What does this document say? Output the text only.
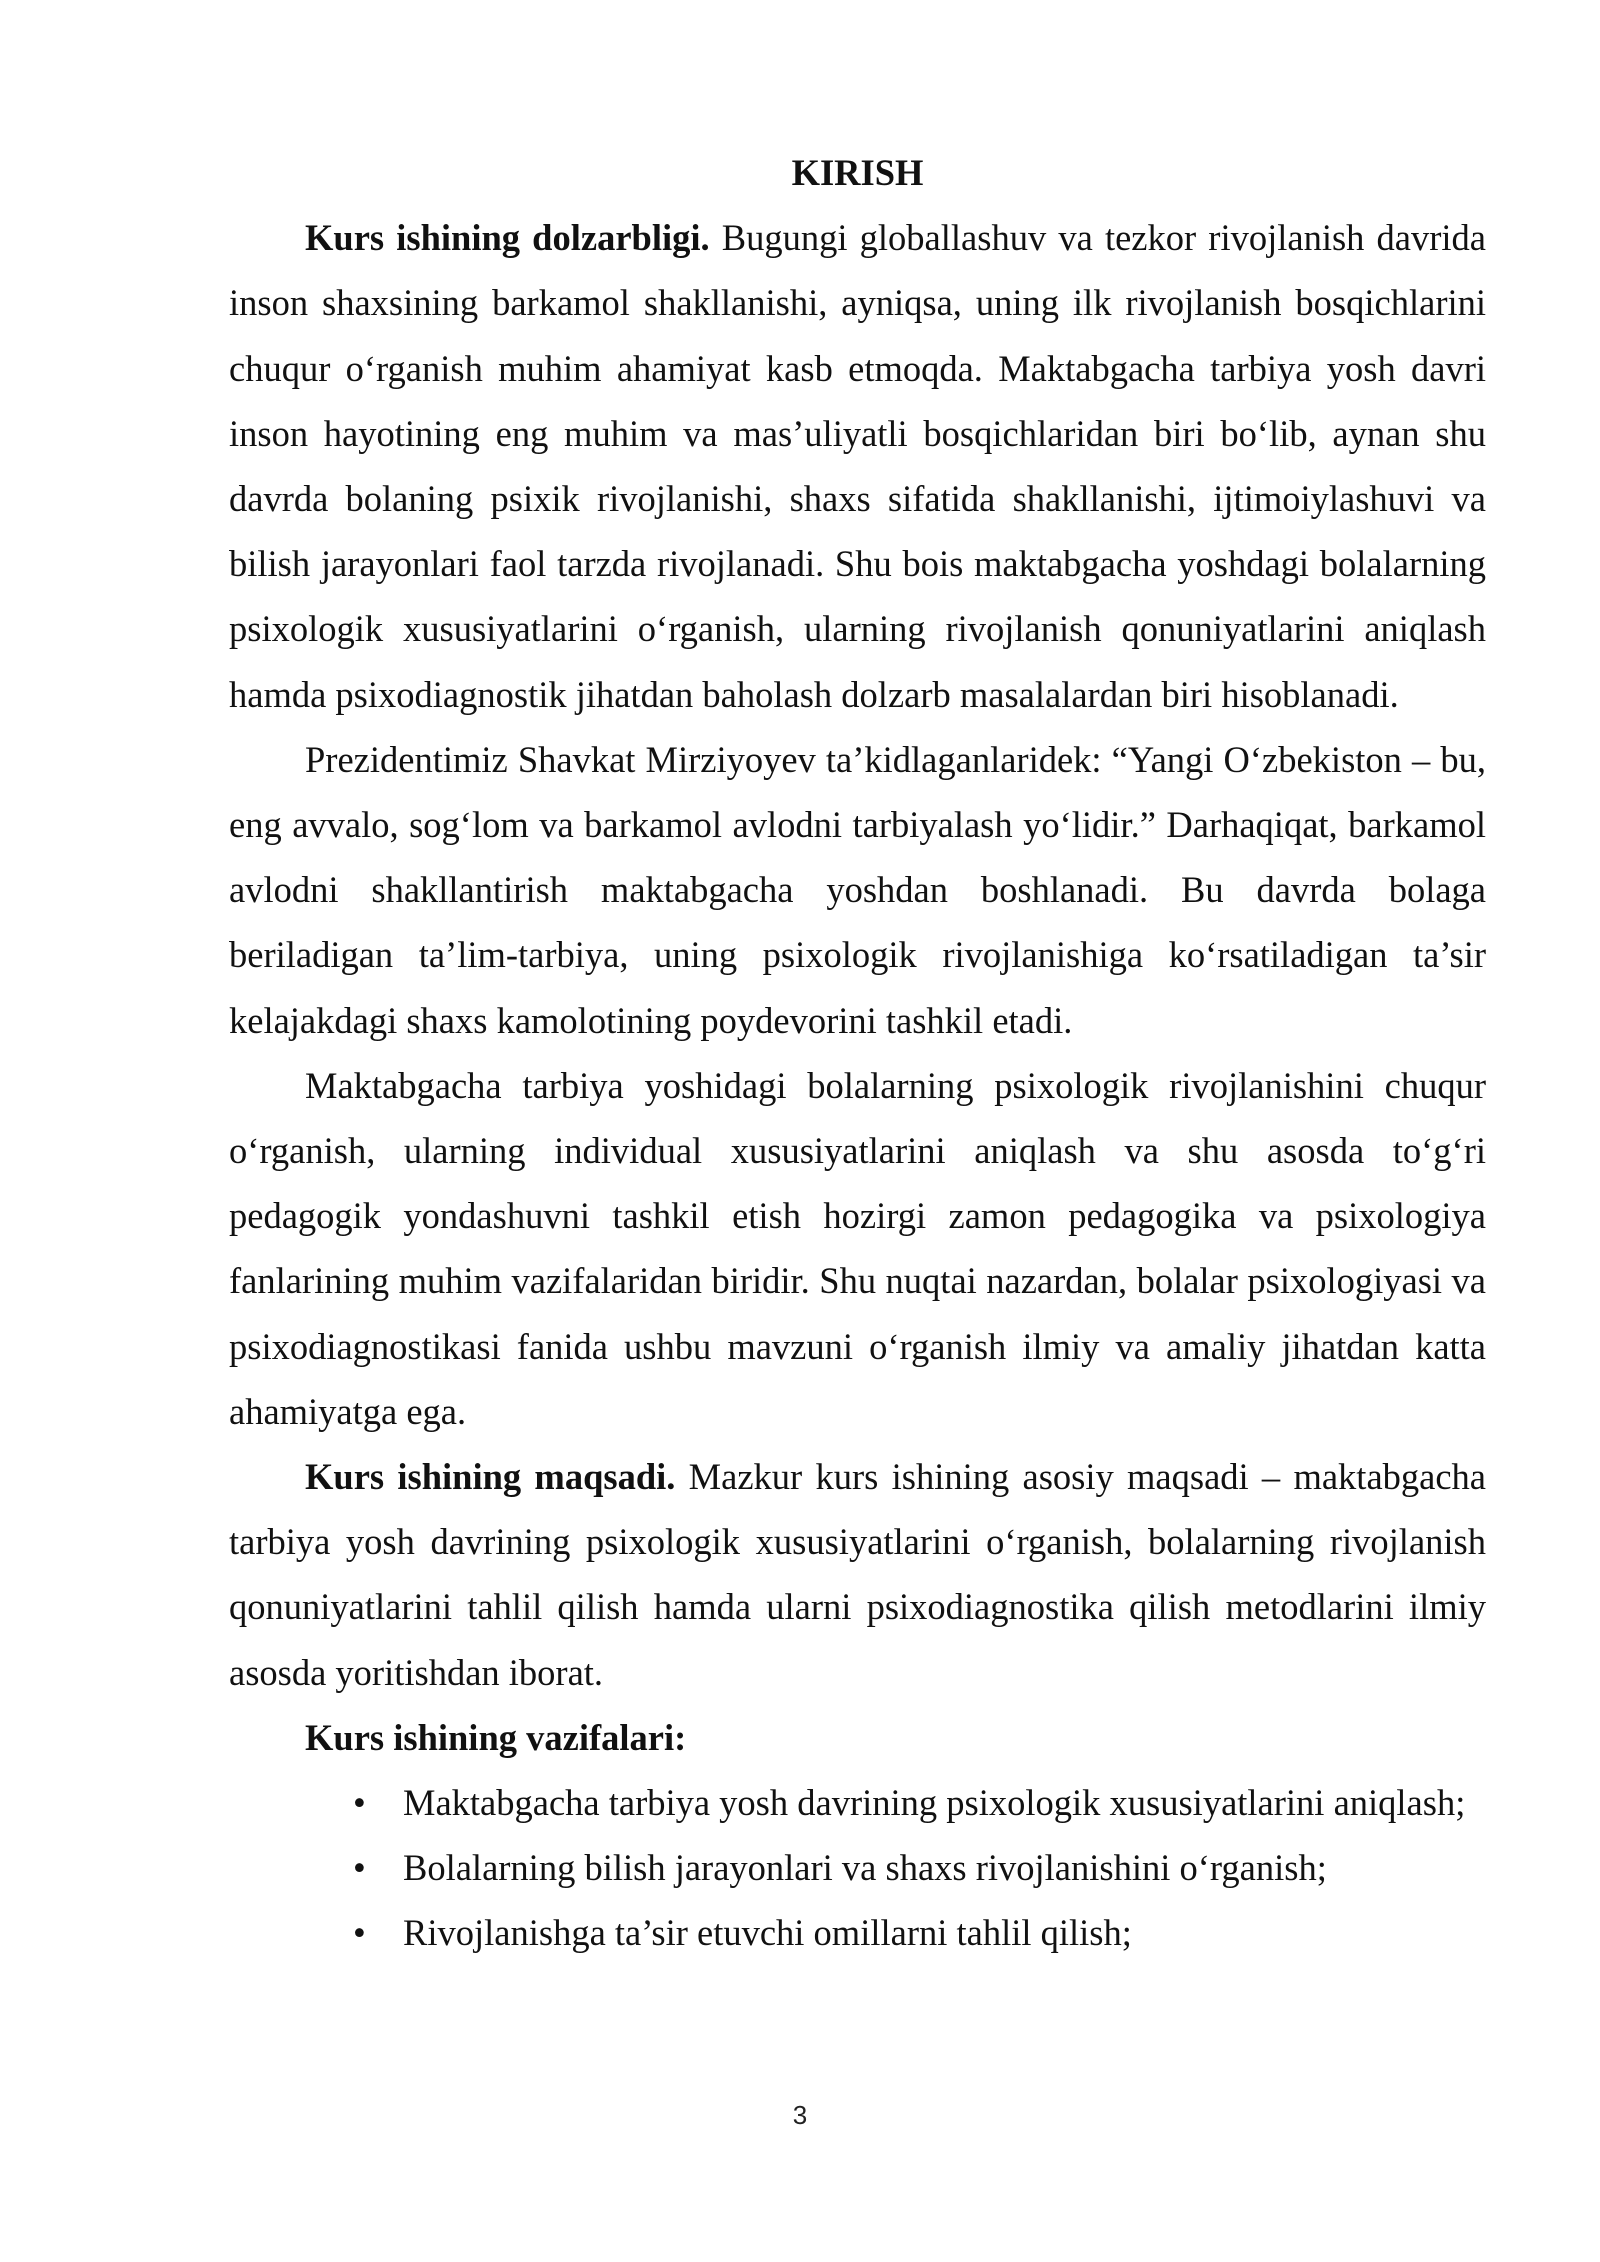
KIRISH

Kurs ishining dolzarbligi. Bugungi globallashuv va tezkor rivojlanish davrida inson shaxsining barkamol shakllanishi, ayniqsa, uning ilk rivojlanish bosqichlarini chuqur o‘rganish muhim ahamiyat kasb etmoqda. Maktabgacha tarbiya yosh davri inson hayotining eng muhim va mas’uliyatli bosqichlaridan biri bo‘lib, aynan shu davrda bolaning psixik rivojlanishi, shaxs sifatida shakllanishi, ijtimoiylashuvi va bilish jarayonlari faol tarzda rivojlanadi. Shu bois maktabgacha yoshdagi bolalarning psixologik xususiyatlarini o‘rganish, ularning rivojlanish qonuniyatlarini aniqlash hamda psixodiagnostik jihatdan baholash dolzarb masalalardan biri hisoblanadi.

Prezidentimiz Shavkat Mirziyoyev ta’kidlaganlaridek: “Yangi O‘zbekiston – bu, eng avvalo, sog‘lom va barkamol avlodni tarbiyalash yo‘lidir.” Darhaqiqat, barkamol avlodni shakllantirish maktabgacha yoshdan boshlanadi. Bu davrda bolaga beriladigan ta’lim-tarbiya, uning psixologik rivojlanishiga ko‘rsatiladigan ta’sir kelajakdagi shaxs kamolotining poydevorini tashkil etadi.

Maktabgacha tarbiya yoshidagi bolalarning psixologik rivojlanishini chuqur o‘rganish, ularning individual xususiyatlarini aniqlash va shu asosda to‘g‘ri pedagogik yondashuvni tashkil etish hozirgi zamon pedagogika va psixologiya fanlarining muhim vazifalaridan biridir. Shu nuqtai nazardan, bolalar psixologiyasi va psixodiagnostikasi fanida ushbu mavzuni o‘rganish ilmiy va amaliy jihatdan katta ahamiyatga ega.

Kurs ishining maqsadi. Mazkur kurs ishining asosiy maqsadi – maktabgacha tarbiya yosh davrining psixologik xususiyatlarini o‘rganish, bolalarning rivojlanish qonuniyatlarini tahlil qilish hamda ularni psixodiagnostika qilish metodlarini ilmiy asosda yoritishdan iborat.

Kurs ishining vazifalari:

• Maktabgacha tarbiya yosh davrining psixologik xususiyatlarini aniqlash;
• Bolalarning bilish jarayonlari va shaxs rivojlanishini o‘rganish;
• Rivojlanishga ta’sir etuvchi omillarni tahlil qilish;
3
